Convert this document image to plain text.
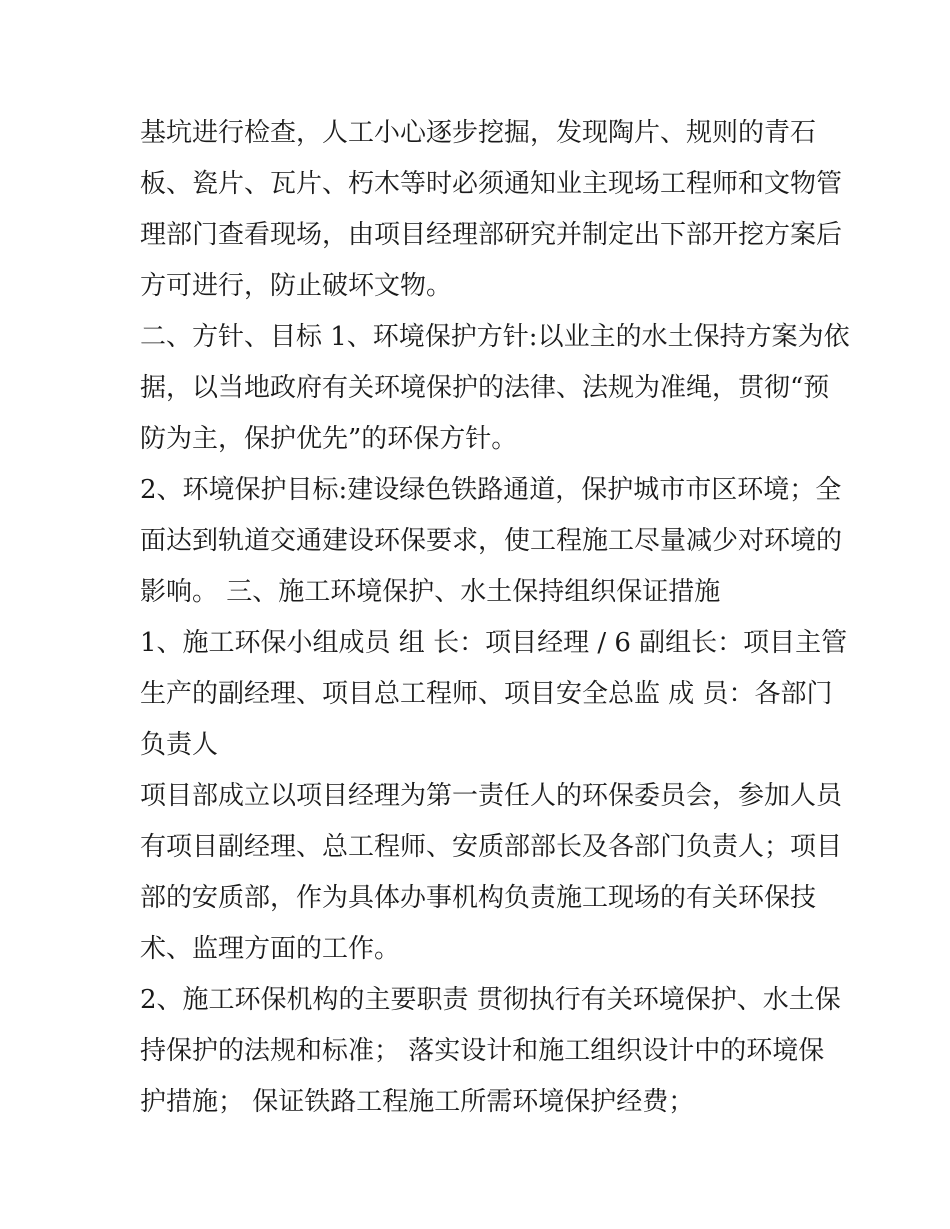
基坑进行检查，人工小心逐步挖掘，发现陶片、规则的青石
板、瓷片、瓦片、朽木等时必须通知业主现场工程师和文物管
理部门查看现场，由项目经理部研究并制定出下部开挖方案后
方可进行，防止破坏文物。
二、方针、目标 1、环境保护方针:以业主的水土保持方案为依
据，以当地政府有关环境保护的法律、法规为准绳，贯彻“预
防为主，保护优先”的环保方针。
2、环境保护目标:建设绿色铁路通道，保护城市市区环境；全
面达到轨道交通建设环保要求，使工程施工尽量减少对环境的
影响。 三、施工环境保护、水土保持组织保证措施
1、施工环保小组成员 组 长：项目经理 / 6 副组长：项目主管
生产的副经理、项目总工程师、项目安全总监 成 员：各部门
负责人
项目部成立以项目经理为第一责任人的环保委员会，参加人员
有项目副经理、总工程师、安质部部长及各部门负责人；项目
部的安质部，作为具体办事机构负责施工现场的有关环保技
术、监理方面的工作。
2、施工环保机构的主要职责 贯彻执行有关环境保护、水土保
持保护的法规和标准； 落实设计和施工组织设计中的环境保
护措施； 保证铁路工程施工所需环境保护经费；
